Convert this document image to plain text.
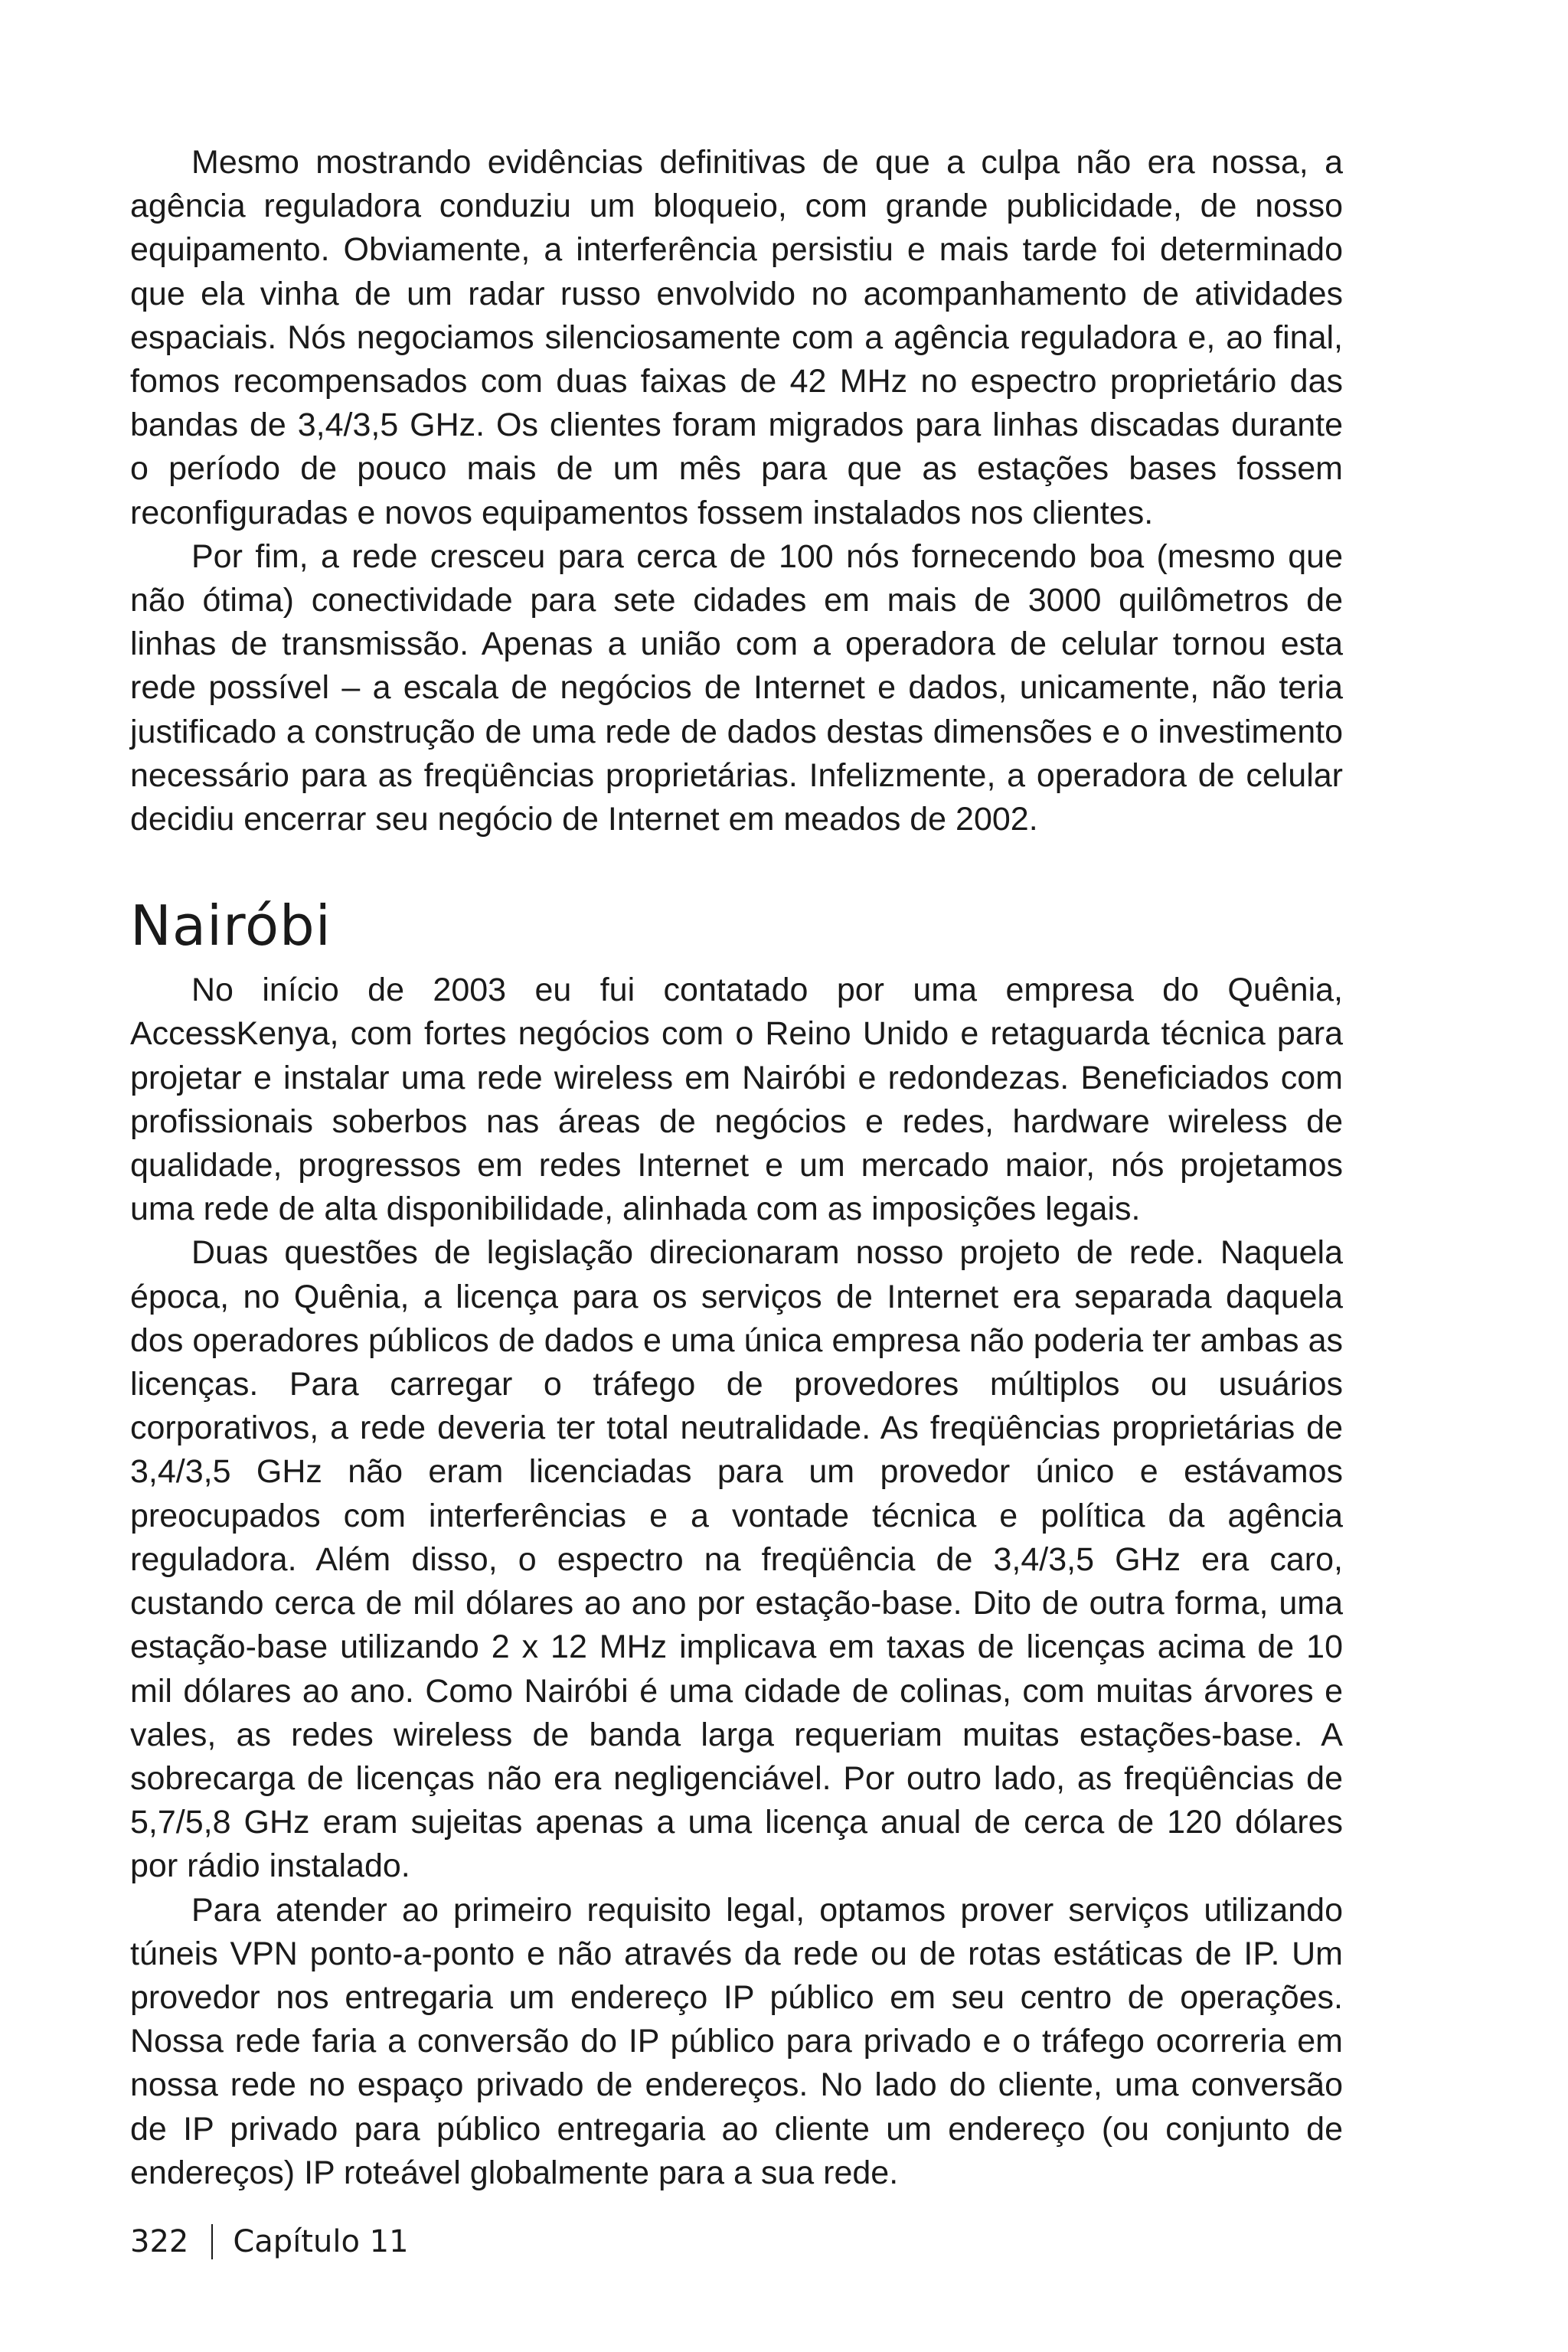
Mesmo mostrando evidências definitivas de que a culpa não era nossa, a agência reguladora conduziu um bloqueio, com grande publicidade, de nosso equipamento. Obviamente, a interferência persistiu e mais tarde foi determinado que ela vinha de um radar russo envolvido no acompanhamento de atividades espaciais. Nós negociamos silenciosamente com a agência reguladora e, ao final, fomos recompensados com duas faixas de 42 MHz no espectro proprietário das bandas de 3,4/3,5 GHz. Os clientes foram migrados para linhas discadas durante o período de pouco mais de um mês para que as estações bases fossem reconfiguradas e novos equipamentos fossem instalados nos clientes.

Por fim, a rede cresceu para cerca de 100 nós fornecendo boa (mesmo que não ótima) conectividade para sete cidades em mais de 3000 quilômetros de linhas de transmissão. Apenas a união com a operadora de celular tornou esta rede possível – a escala de negócios de Internet e dados, unicamente, não teria justificado a construção de uma rede de dados destas dimensões e o investimento necessário para as freqüências proprietárias. Infelizmente, a operadora de celular decidiu encerrar seu negócio de Internet em meados de 2002.

Nairóbi

No início de 2003 eu fui contatado por uma empresa do Quênia, AccessKenya, com fortes negócios com o Reino Unido e retaguarda técnica para projetar e instalar uma rede wireless em Nairóbi e redondezas. Beneficiados com profissionais soberbos nas áreas de negócios e redes, hardware wireless de qualidade, progressos em redes Internet e um mercado maior, nós projetamos uma rede de alta disponibilidade, alinhada com as imposições legais.

Duas questões de legislação direcionaram nosso projeto de rede. Naquela época, no Quênia, a licença para os serviços de Internet era separada daquela dos operadores públicos de dados e uma única empresa não poderia ter ambas as licenças. Para carregar o tráfego de provedores múltiplos ou usuários corporativos, a rede deveria ter total neutralidade. As freqüências proprietárias de 3,4/3,5 GHz não eram licenciadas para um provedor único e estávamos preocupados com interferências e a vontade técnica e política da agência reguladora. Além disso, o espectro na freqüência de 3,4/3,5 GHz era caro, custando cerca de mil dólares ao ano por estação-base. Dito de outra forma, uma estação-base utilizando 2 x 12 MHz implicava em taxas de licenças acima de 10 mil dólares ao ano. Como Nairóbi é uma cidade de colinas, com muitas árvores e vales, as redes wireless de banda larga requeriam muitas estações-base. A sobrecarga de licenças não era negligenciável. Por outro lado, as freqüências de 5,7/5,8 GHz eram sujeitas apenas a uma licença anual de cerca de 120 dólares por rádio instalado.

Para atender ao primeiro requisito legal, optamos prover serviços utilizando túneis VPN ponto-a-ponto e não através da rede ou de rotas estáticas de IP. Um provedor nos entregaria um endereço IP público em seu centro de operações. Nossa rede faria a conversão do IP público para privado e o tráfego ocorreria em nossa rede no espaço privado de endereços. No lado do cliente, uma conversão de IP privado para público entregaria ao cliente um endereço (ou conjunto de endereços) IP roteável globalmente para a sua rede.

322 Capítulo 11
